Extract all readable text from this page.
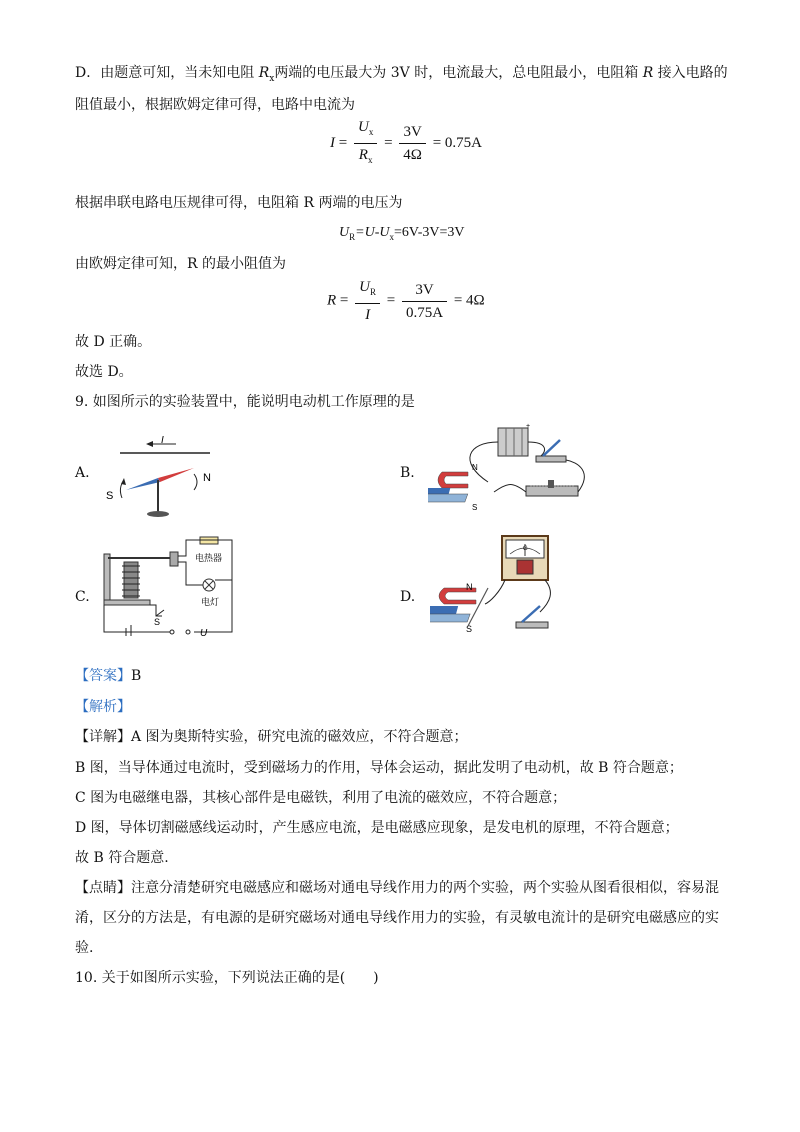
D．由题意可知，当未知电阻 $R_x$两端的电压最大为 3V 时，电流最大，总电阻最小，电阻箱 R 接入电路的
阻值最小，根据欧姆定律可得，电路中电流为
$I = \frac{U_x}{R_x} = \frac{3V}{4\Omega} = 0.75A$
根据串联电路电压规律可得，电阻箱 R 两端的电压为
$U_R=U-U_x=6V-3V=3V$
由欧姆定律可知，R 的最小阻值为
$R = \frac{U_R}{I} = \frac{3V}{0.75A} = 4\Omega$
故 D 正确。
故选 D。
9. 如图所示的实验装置中，能说明电动机工作原理的是
A.	B.
C.	D.
I
S
N
+
N
S
电热器
电灯
U
S
G
N
S
【答案】B
【解析】
【详解】A 图为奥斯特实验，研究电流的磁效应，不符合题意；
B 图，当导体通过电流时，受到磁场力的作用，导体会运动，据此发明了电动机，故 B 符合题意；
C 图为电磁继电器，其核心部件是电磁铁，利用了电流的磁效应，不符合题意；
D 图，导体切割磁感线运动时，产生感应电流，是电磁感应现象，是发电机的原理，不符合题意；
故 B 符合题意.
【点睛】注意分清楚研究电磁感应和磁场对通电导线作用力的两个实验，两个实验从图看很相似，容易混
淆，区分的方法是，有电源的是研究磁场对通电导线作用力的实验，有灵敏电流计的是研究电磁感应的实
验.
10. 关于如图所示实验，下列说法正确的是(　　)
